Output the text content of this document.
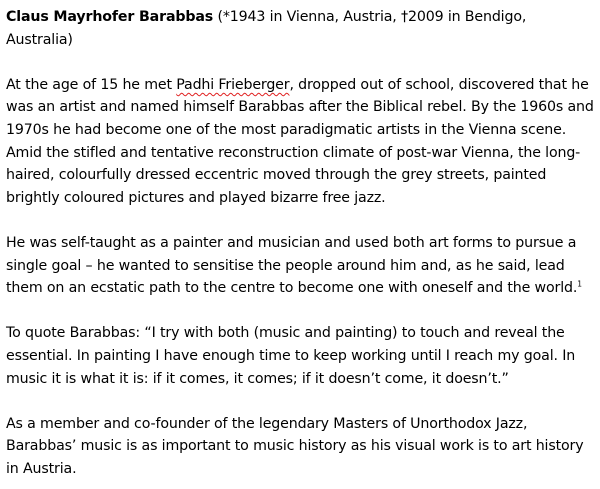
Claus Mayrhofer Barabbas (*1943 in Vienna, Austria, †2009 in Bendigo, Australia)

At the age of 15 he met Padhi Frieberger, dropped out of school, discovered that he was an artist and named himself Barabbas after the Biblical rebel. By the 1960s and 1970s he had become one of the most paradigmatic artists in the Vienna scene. Amid the stifled and tentative reconstruction climate of post-war Vienna, the long-haired, colourfully dressed eccentric moved through the grey streets, painted brightly coloured pictures and played bizarre free jazz.

He was self-taught as a painter and musician and used both art forms to pursue a single goal – he wanted to sensitise the people around him and, as he said, lead them on an ecstatic path to the centre to become one with oneself and the world.$^1$

To quote Barabbas: “I try with both (music and painting) to touch and reveal the essential. In painting I have enough time to keep working until I reach my goal. In music it is what it is: if it comes, it comes; if it doesn’t come, it doesn’t.”

As a member and co-founder of the legendary Masters of Unorthodox Jazz, Barabbas’ music is as important to music history as his visual work is to art history in Austria.
